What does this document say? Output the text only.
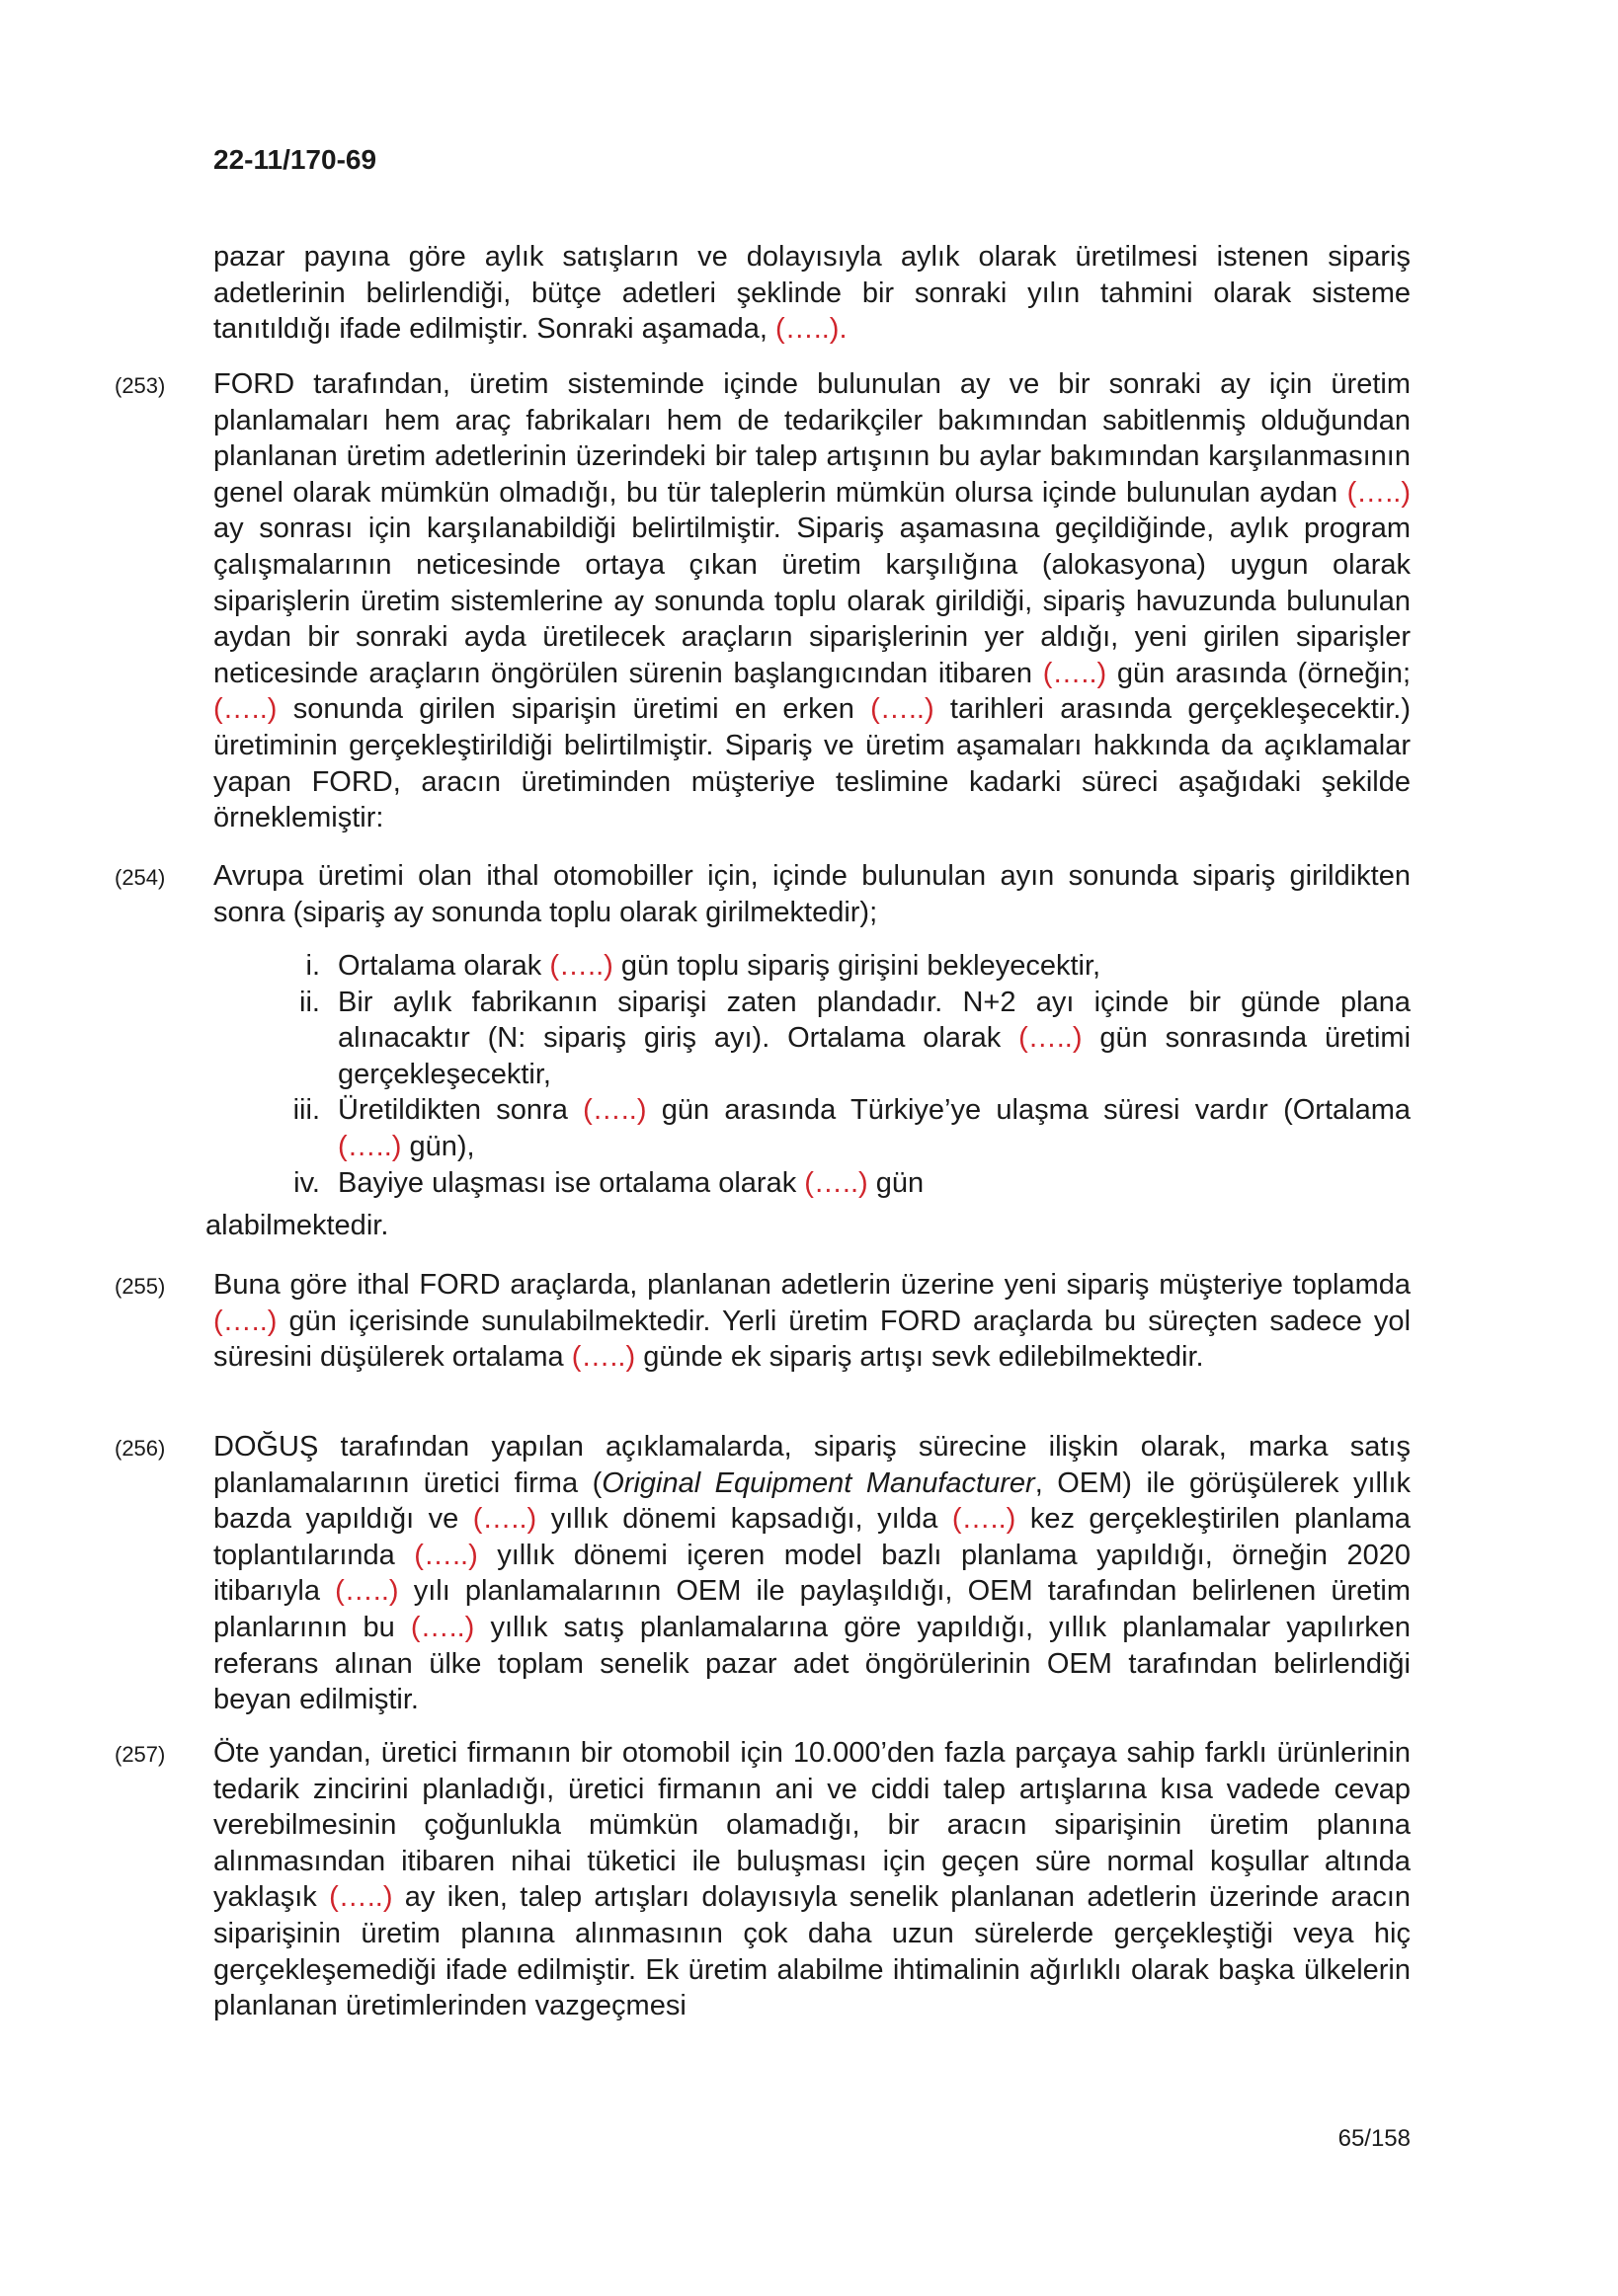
22-11/170-69
pazar payına göre aylık satışların ve dolayısıyla aylık olarak üretilmesi istenen sipariş adetlerinin belirlendiği, bütçe adetleri şeklinde bir sonraki yılın tahmini olarak sisteme tanıtıldığı ifade edilmiştir. Sonraki aşamada, (…..).
(253) FORD tarafından, üretim sisteminde içinde bulunulan ay ve bir sonraki ay için üretim planlamaları hem araç fabrikaları hem de tedarikçiler bakımından sabitlenmiş olduğundan planlanan üretim adetlerinin üzerindeki bir talep artışının bu aylar bakımından karşılanmasının genel olarak mümkün olmadığı, bu tür taleplerin mümkün olursa içinde bulunulan aydan (…..) ay sonrası için karşılanabildiği belirtilmiştir. Sipariş aşamasına geçildiğinde, aylık program çalışmalarının neticesinde ortaya çıkan üretim karşılığına (alokasyona) uygun olarak siparişlerin üretim sistemlerine ay sonunda toplu olarak girildiği, sipariş havuzunda bulunulan aydan bir sonraki ayda üretilecek araçların siparişlerinin yer aldığı, yeni girilen siparişler neticesinde araçların öngörülen sürenin başlangıcından itibaren (…..) gün arasında (örneğin; (…..) sonunda girilen siparişin üretimi en erken (…..) tarihleri arasında gerçekleşecektir.) üretiminin gerçekleştirildiği belirtilmiştir. Sipariş ve üretim aşamaları hakkında da açıklamalar yapan FORD, aracın üretiminden müşteriye teslimine kadarki süreci aşağıdaki şekilde örneklemiştir:
(254) Avrupa üretimi olan ithal otomobiller için, içinde bulunulan ayın sonunda sipariş girildikten sonra (sipariş ay sonunda toplu olarak girilmektedir);
i. Ortalama olarak (…..) gün toplu sipariş girişini bekleyecektir,
ii. Bir aylık fabrikanın siparişi zaten plandadır. N+2 ayı içinde bir günde plana alınacaktır (N: sipariş giriş ayı). Ortalama olarak (…..) gün sonrasında üretimi gerçekleşecektir,
iii. Üretildikten sonra (…..) gün arasında Türkiye’ye ulaşma süresi vardır (Ortalama (…..) gün),
iv. Bayiye ulaşması ise ortalama olarak (…..) gün
alabilmektedir.
(255) Buna göre ithal FORD araçlarda, planlanan adetlerin üzerine yeni sipariş müşteriye toplamda (…..) gün içerisinde sunulabilmektedir. Yerli üretim FORD araçlarda bu süreçten sadece yol süresini düşülerek ortalama (…..) günde ek sipariş artışı sevk edilebilmektedir.
(256) DOĞUŞ tarafından yapılan açıklamalarda, sipariş sürecine ilişkin olarak, marka satış planlamalarının üretici firma (Original Equipment Manufacturer, OEM) ile görüşülerek yıllık bazda yapıldığı ve (…..) yıllık dönemi kapsadığı, yılda (…..) kez gerçekleştirilen planlama toplantılarında (…..) yıllık dönemi içeren model bazlı planlama yapıldığı, örneğin 2020 itibarıyla (…..) yılı planlamalarının OEM ile paylaşıldığı, OEM tarafından belirlenen üretim planlarının bu (…..) yıllık satış planlamalarına göre yapıldığı, yıllık planlamalar yapılırken referans alınan ülke toplam senelik pazar adet öngörülerinin OEM tarafından belirlendiği beyan edilmiştir.
(257) Öte yandan, üretici firmanın bir otomobil için 10.000’den fazla parçaya sahip farklı ürünlerinin tedarik zincirini planladığı, üretici firmanın ani ve ciddi talep artışlarına kısa vadede cevap verebilmesinin çoğunlukla mümkün olamadığı, bir aracın siparişinin üretim planına alınmasından itibaren nihai tüketici ile buluşması için geçen süre normal koşullar altında yaklaşık (…..) ay iken, talep artışları dolayısıyla senelik planlanan adetlerin üzerinde aracın siparişinin üretim planına alınmasının çok daha uzun sürelerde gerçekleştiği veya hiç gerçekleşemediği ifade edilmiştir. Ek üretim alabilme ihtimalinin ağırlıklı olarak başka ülkelerin planlanan üretimlerinden vazgeçmesi
65/158
